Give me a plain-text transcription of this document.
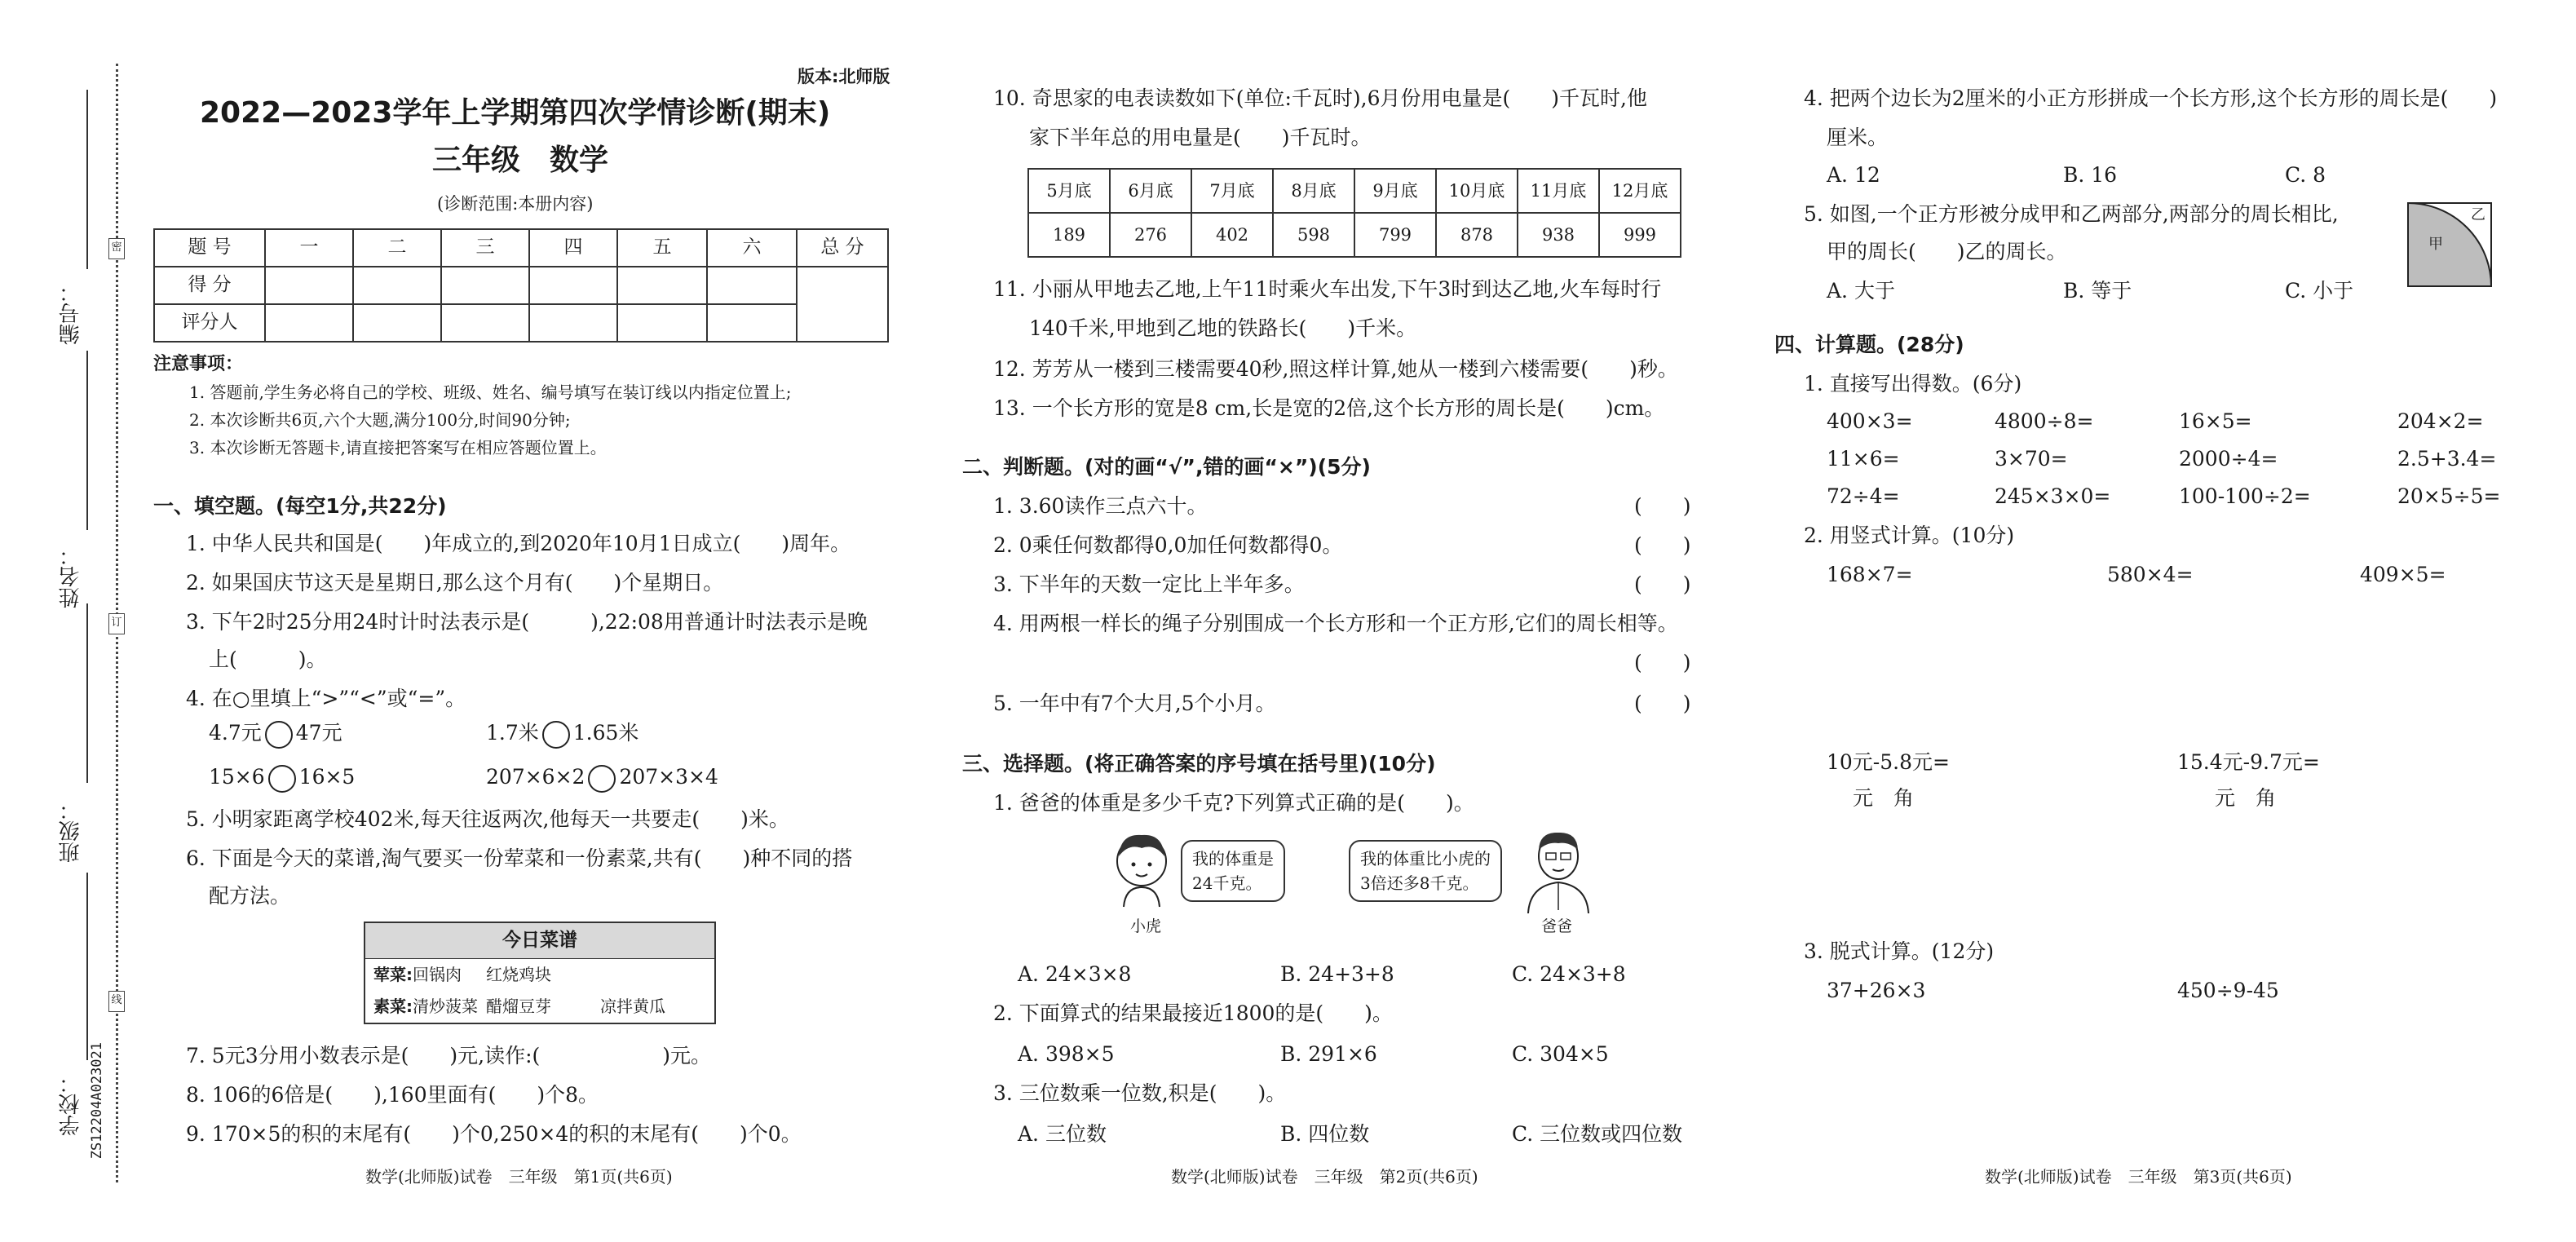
密
订
线
编号：
姓名：
班级：
学校： ZS12204A023021
版本:北师版
2022—2023学年上学期第四次学情诊断(期末)
三年级　数学
(诊断范围:本册内容)
题 号	一	二	三	四	五	六	总 分
得 分							
评分人							
注意事项：
1. 答题前,学生务必将自己的学校、班级、姓名、编号填写在装订线以内指定位置上;
2. 本次诊断共6页,六个大题,满分100分,时间90分钟;
3. 本次诊断无答题卡,请直接把答案写在相应答题位置上。
一、填空题。(每空1分,共22分)
1. 中华人民共和国是(　　)年成立的,到2020年10月1日成立(　　)周年。
2. 如果国庆节这天是星期日,那么这个月有(　　)个星期日。
3. 下午2时25分用24时计时法表示是(　　　),22:08用普通计时法表示是晚
上(　　　)。
4. 在○里填上“>”“<”或“=”。
4.7元 47元	1.7米 1.65米
15×6 16×5	207×6×2 207×3×4
5. 小明家距离学校402米,每天往返两次,他每天一共要走(　　)米。
6. 下面是今天的菜谱,淘气要买一份荤菜和一份素菜,共有(　　)种不同的搭
配方法。
今日菜谱		
荤菜:回锅肉	红烧鸡块	
素菜:清炒菠菜	醋熘豆芽	凉拌黄瓜
7. 5元3分用小数表示是(　　)元,读作:(　　　　　　)元。
8. 106的6倍是(　　),160里面有(　　)个8。
9. 170×5的积的末尾有(　　)个0,250×4的积的末尾有(　　)个0。
数学(北师版)试卷　三年级　第1页(共6页)
10. 奇思家的电表读数如下(单位:千瓦时),6月份用电量是(　　)千瓦时,他
家下半年总的用电量是(　　)千瓦时。
5月底	6月底	7月底	8月底	9月底	10月底	11月底	12月底
189	276	402	598	799	878	938	999
11. 小丽从甲地去乙地,上午11时乘火车出发,下午3时到达乙地,火车每时行
140千米,甲地到乙地的铁路长(　　)千米。
12. 芳芳从一楼到三楼需要40秒,照这样计算,她从一楼到六楼需要(　　)秒。
13. 一个长方形的宽是8 cm,长是宽的2倍,这个长方形的周长是(　　)cm。
二、判断题。(对的画“√”,错的画“×”)(5分)
1. 3.60读作三点六十。	(　　)
2. 0乘任何数都得0,0加任何数都得0。	(　　)
3. 下半年的天数一定比上半年多。	(　　)
4. 用两根一样长的绳子分别围成一个长方形和一个正方形,它们的周长相等。
(　　)
5. 一年中有7个大月,5个小月。	(　　)
三、选择题。(将正确答案的序号填在括号里)(10分)
1. 爸爸的体重是多少千克?下列算式正确的是(　　)。
我的体重是
24千克。
小虎
我的体重比小虎的
3倍还多8千克。
爸爸
A. 24×3×8	B. 24+3+8	C. 24×3+8
2. 下面算式的结果最接近1800的是(　　)。
A. 398×5	B. 291×6	C. 304×5
3. 三位数乘一位数,积是(　　)。
A. 三位数	B. 四位数	C. 三位数或四位数
数学(北师版)试卷　三年级　第2页(共6页)
4. 把两个边长为2厘米的小正方形拼成一个长方形,这个长方形的周长是(　　)
厘米。
A. 12	B. 16	C. 8
5. 如图,一个正方形被分成甲和乙两部分,两部分的周长相比,
甲的周长(　　)乙的周长。
A. 大于	B. 等于	C. 小于
甲
乙
四、计算题。(28分)
1. 直接写出得数。(6分)
400×3=	4800÷8=	16×5=	204×2=
11×6=	3×70=	2000÷4=	2.5+3.4=
72÷4=	245×3×0=	100-100÷2=	20×5÷5=
2. 用竖式计算。(10分)
168×7=	580×4=	409×5=
10元-5.8元=	15.4元-9.7元=
元　角	元　角
3. 脱式计算。(12分)
37+26×3	450÷9-45
数学(北师版)试卷　三年级　第3页(共6页)
